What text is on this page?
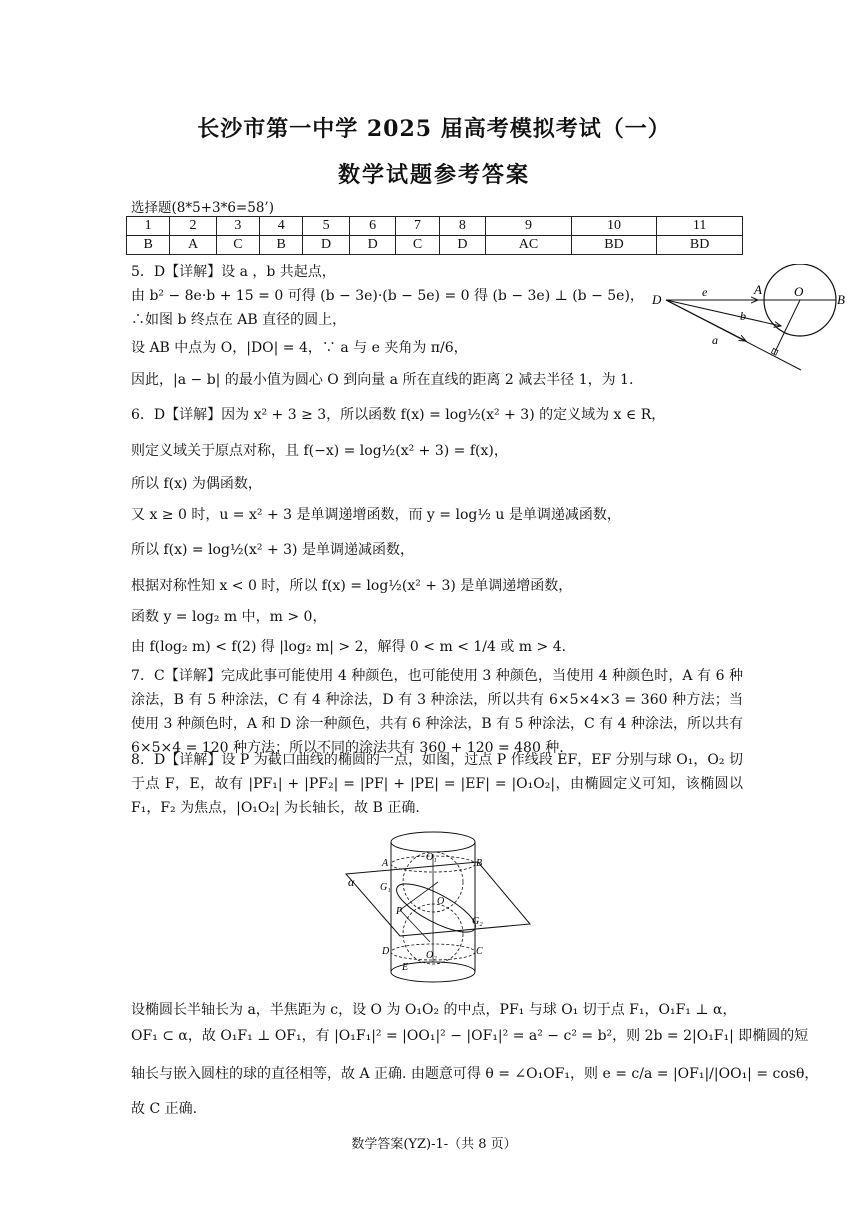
长沙市第一中学 2025 届高考模拟考试（一）
数学试题参考答案
选择题(8*5+3*6=58’)
1	2	3	4	5	6	7	8	9	10	11
B	A	C	B	D	D	C	D	AC	BD	BD
5．D【详解】设 a ，b 共起点，
由 b² − 8e·b + 15 = 0 可得 (b − 3e)·(b − 5e) = 0 得 (b − 3e) ⊥ (b − 5e)，
∴如图 b 终点在 AB 直径的圆上，
设 AB 中点为 O，|DO| = 4，∵ a 与 e 夹角为 π/6，
因此，|a − b| 的最小值为圆心 O 到向量 a 所在直线的距离 2 减去半径 1，为 1.
6．D【详解】因为 x² + 3 ≥ 3，所以函数 f(x) = log½(x² + 3) 的定义域为 x ∈ R，
则定义域关于原点对称，且 f(−x) = log½(x² + 3) = f(x)，
所以 f(x) 为偶函数，
又 x ≥ 0 时，u = x² + 3 是单调递增函数，而 y = log½ u 是单调递减函数，
所以 f(x) = log½(x² + 3) 是单调递减函数，
根据对称性知 x < 0 时，所以 f(x) = log½(x² + 3) 是单调递增函数，
函数 y = log₂ m 中，m > 0，
由 f(log₂ m) < f(2) 得 |log₂ m| > 2，解得 0 < m < 1/4 或 m > 4.
7．C【详解】完成此事可能使用 4 种颜色，也可能使用 3 种颜色，当使用 4 种颜色时，A 有 6 种涂法，B 有 5 种涂法，C 有 4 种涂法，D 有 3 种涂法，所以共有 6×5×4×3 = 360 种方法；当使用 3 种颜色时，A 和 D 涂一种颜色，共有 6 种涂法，B 有 5 种涂法，C 有 4 种涂法，所以共有 6×5×4 = 120 种方法；所以不同的涂法共有 360 + 120 = 480 种.
8．D【详解】设 P 为截口曲线的椭圆的一点，如图，过点 P 作线段 EF，EF 分别与球 O₁，O₂ 切于点 F，E，故有 |PF₁| + |PF₂| = |PF| + |PE| = |EF| = |O₁O₂|，由椭圆定义可知，该椭圆以 F₁，F₂ 为焦点，|O₁O₂| 为长轴长，故 B 正确.
D
A O
B
e
b
a
α
A	B
O₁
O
O₂
G₁
G₂
P
C
D
E
设椭圆长半轴长为 a，半焦距为 c，设 O 为 O₁O₂ 的中点，PF₁ 与球 O₁ 切于点 F₁，O₁F₁ ⊥ α，
OF₁ ⊂ α，故 O₁F₁ ⊥ OF₁，有 |O₁F₁|² = |OO₁|² − |OF₁|² = a² − c² = b²，则 2b = 2|O₁F₁| 即椭圆的短
轴长与嵌入圆柱的球的直径相等，故 A 正确. 由题意可得 θ = ∠O₁OF₁，则 e = c/a = |OF₁|/|OO₁| = cosθ，
故 C 正确.
数学答案(YZ)-1-（共 8 页）
